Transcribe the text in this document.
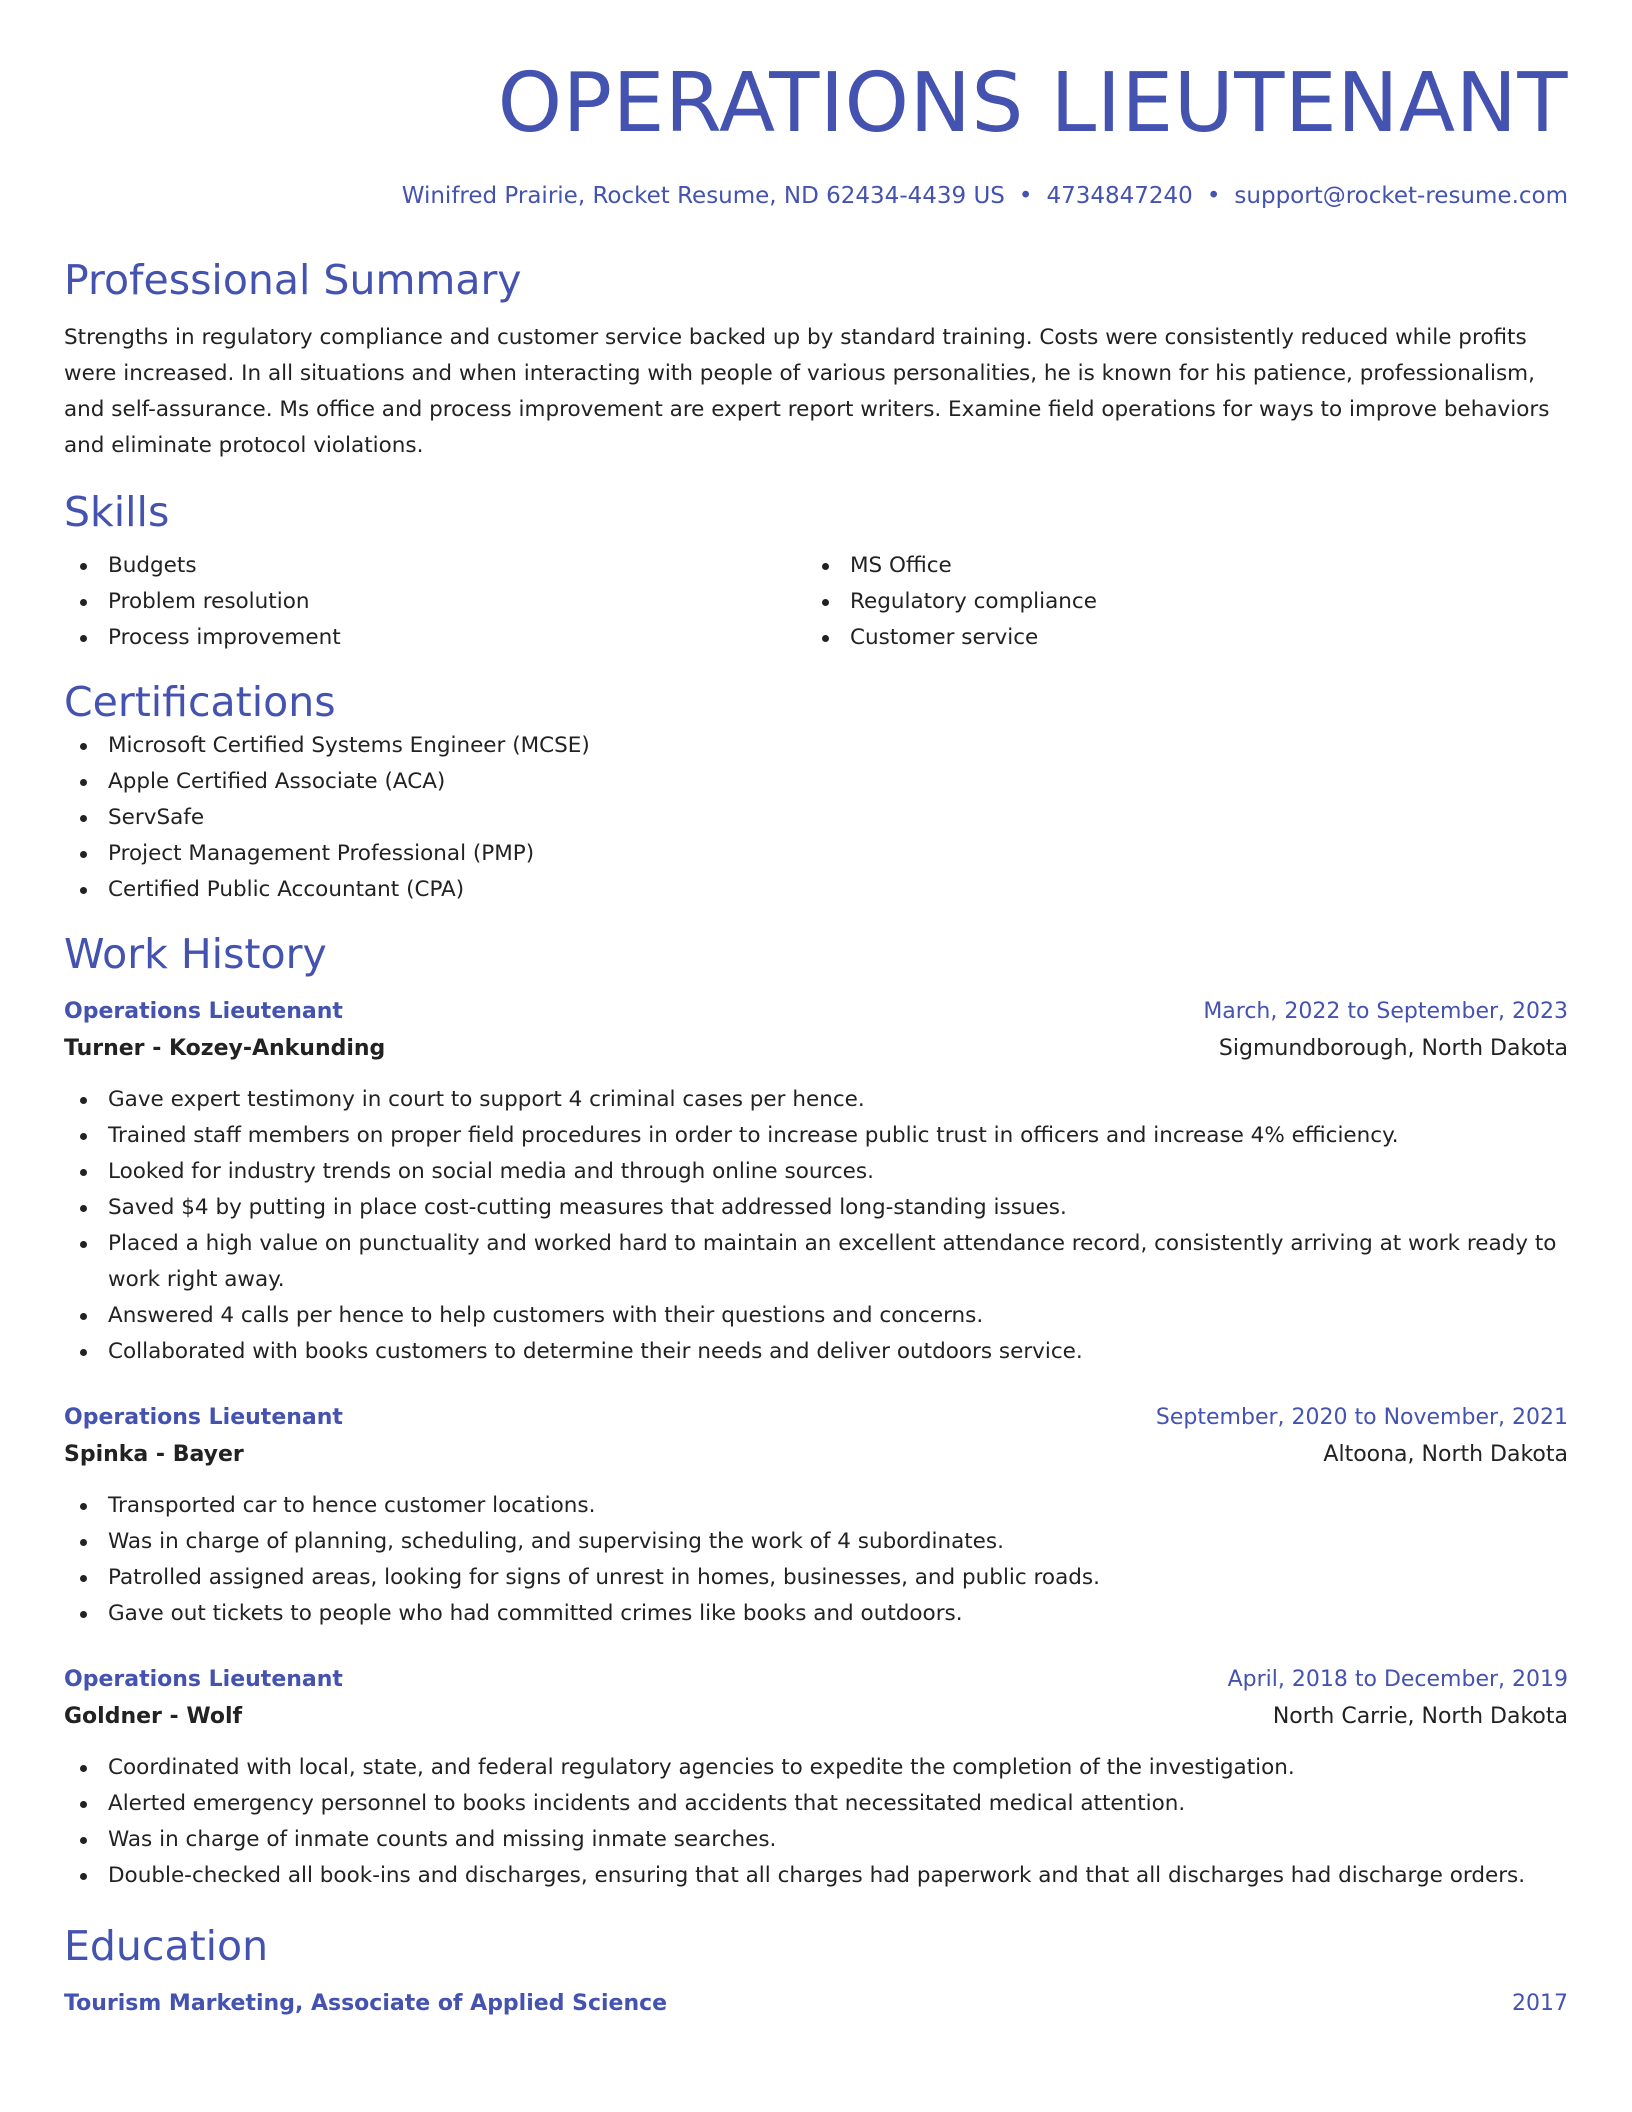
OPERATIONS LIEUTENANT
Winifred Prairie, Rocket Resume, ND 62434-4439 US • 4734847240 • support@rocket-resume.com
Professional Summary
Strengths in regulatory compliance and customer service backed up by standard training. Costs were consistently reduced while profits were increased. In all situations and when interacting with people of various personalities, he is known for his patience, professionalism, and self-assurance. Ms office and process improvement are expert report writers. Examine field operations for ways to improve behaviors and eliminate protocol violations.
Skills
Budgets
Problem resolution
Process improvement
MS Office
Regulatory compliance
Customer service
Certifications
Microsoft Certified Systems Engineer (MCSE)
Apple Certified Associate (ACA)
ServSafe
Project Management Professional (PMP)
Certified Public Accountant (CPA)
Work History
Operations Lieutenant	March, 2022 to September, 2023
Turner - Kozey-Ankunding	Sigmundborough, North Dakota
Gave expert testimony in court to support 4 criminal cases per hence.
Trained staff members on proper field procedures in order to increase public trust in officers and increase 4% efficiency.
Looked for industry trends on social media and through online sources.
Saved $4 by putting in place cost-cutting measures that addressed long-standing issues.
Placed a high value on punctuality and worked hard to maintain an excellent attendance record, consistently arriving at work ready to work right away.
Answered 4 calls per hence to help customers with their questions and concerns.
Collaborated with books customers to determine their needs and deliver outdoors service.
Operations Lieutenant	September, 2020 to November, 2021
Spinka - Bayer	Altoona, North Dakota
Transported car to hence customer locations.
Was in charge of planning, scheduling, and supervising the work of 4 subordinates.
Patrolled assigned areas, looking for signs of unrest in homes, businesses, and public roads.
Gave out tickets to people who had committed crimes like books and outdoors.
Operations Lieutenant	April, 2018 to December, 2019
Goldner - Wolf	North Carrie, North Dakota
Coordinated with local, state, and federal regulatory agencies to expedite the completion of the investigation.
Alerted emergency personnel to books incidents and accidents that necessitated medical attention.
Was in charge of inmate counts and missing inmate searches.
Double-checked all book-ins and discharges, ensuring that all charges had paperwork and that all discharges had discharge orders.
Education
Tourism Marketing, Associate of Applied Science	2017
